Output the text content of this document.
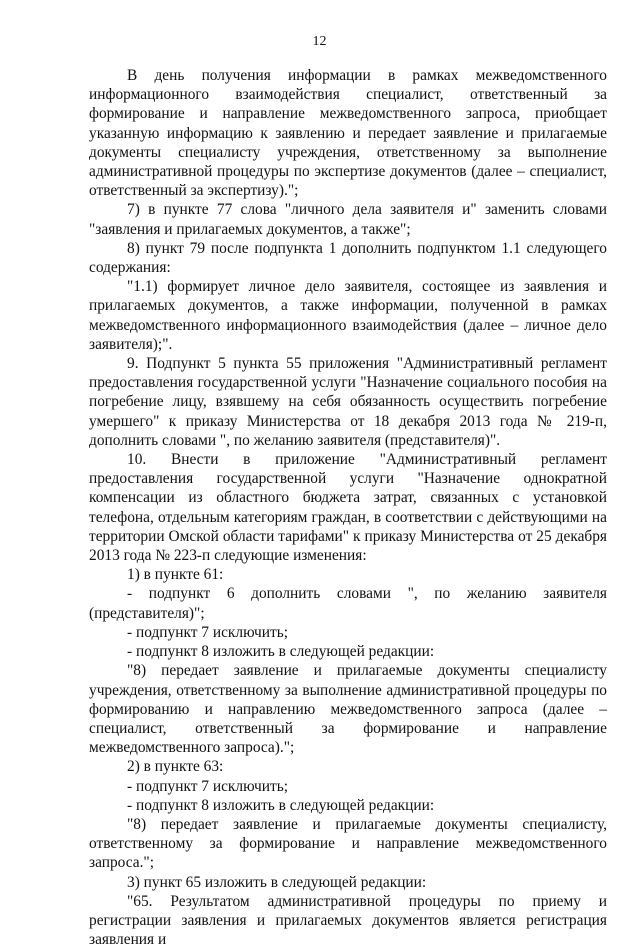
12

В день получения информации в рамках межведомственного информационного взаимодействия специалист, ответственный за формирование и направление межведомственного запроса, приобщает указанную информацию к заявлению и передает заявление и прилагаемые документы специалисту учреждения, ответственному за выполнение административной процедуры по экспертизе документов (далее – специалист, ответственный за экспертизу).";

7) в пункте 77 слова "личного дела заявителя и" заменить словами "заявления и прилагаемых документов, а также";

8) пункт 79 после подпункта 1 дополнить подпунктом 1.1 следующего содержания:

"1.1) формирует личное дело заявителя, состоящее из заявления и прилагаемых документов, а также информации, полученной в рамках межведомственного информационного взаимодействия (далее – личное дело заявителя);".

9. Подпункт 5 пункта 55 приложения "Административный регламент предоставления государственной услуги "Назначение социального пособия на погребение лицу, взявшему на себя обязанность осуществить погребение умершего" к приказу Министерства от 18 декабря 2013 года № 219-п, дополнить словами ", по желанию заявителя (представителя)".

10. Внести в приложение "Административный регламент предоставления государственной услуги "Назначение однократной компенсации из областного бюджета затрат, связанных с установкой телефона, отдельным категориям граждан, в соответствии с действующими на территории Омской области тарифами" к приказу Министерства от 25 декабря 2013 года № 223-п следующие изменения:

1) в пункте 61:

- подпункт 6 дополнить словами ", по желанию заявителя (представителя)";

- подпункт 7 исключить;

- подпункт 8 изложить в следующей редакции:

"8) передает заявление и прилагаемые документы специалисту учреждения, ответственному за выполнение административной процедуры по формированию и направлению межведомственного запроса (далее – специалист, ответственный за формирование и направление межведомственного запроса).";

2) в пункте 63:

- подпункт 7 исключить;

- подпункт 8 изложить в следующей редакции:

"8) передает заявление и прилагаемые документы специалисту, ответственному за формирование и направление межведомственного запроса.";

3) пункт 65 изложить в следующей редакции:

"65. Результатом административной процедуры по приему и регистрации заявления и прилагаемых документов является регистрация заявления и
